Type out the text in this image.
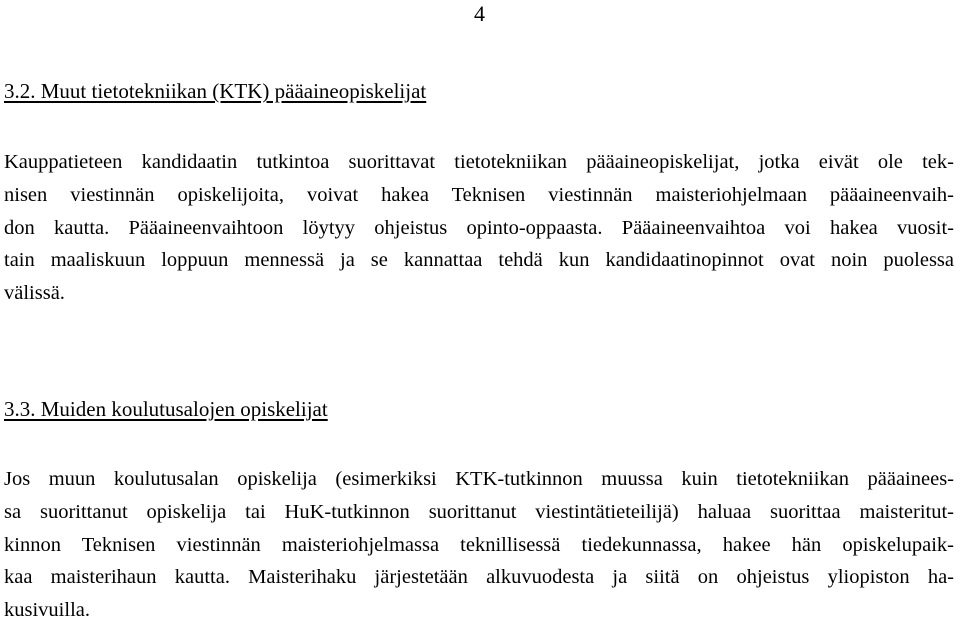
4
3.2. Muut tietotekniikan (KTK) pääaineopiskelijat
Kauppatieteen kandidaatin tutkintoa suorittavat tietotekniikan pääaineopiskelijat, jotka eivät ole tek-
nisen viestinnän opiskelijoita, voivat hakea Teknisen viestinnän maisteriohjelmaan pääaineenvaih-
don kautta. Pääaineenvaihtoon löytyy ohjeistus opinto-oppaasta. Pääaineenvaihtoa voi hakea vuosit-
tain maaliskuun loppuun mennessä ja se kannattaa tehdä kun kandidaatinopinnot ovat noin puolessa
välissä.
3.3. Muiden koulutusalojen opiskelijat
Jos muun koulutusalan opiskelija (esimerkiksi KTK-tutkinnon muussa kuin tietotekniikan pääainees-
sa suorittanut opiskelija tai HuK-tutkinnon suorittanut viestintätieteilijä) haluaa suorittaa maisteritut-
kinnon Teknisen viestinnän maisteriohjelmassa teknillisessä tiedekunnassa, hakee hän opiskelupaik-
kaa maisterihaun kautta. Maisterihaku järjestetään alkuvuodesta ja siitä on ohjeistus yliopiston ha-
kusivuilla.
